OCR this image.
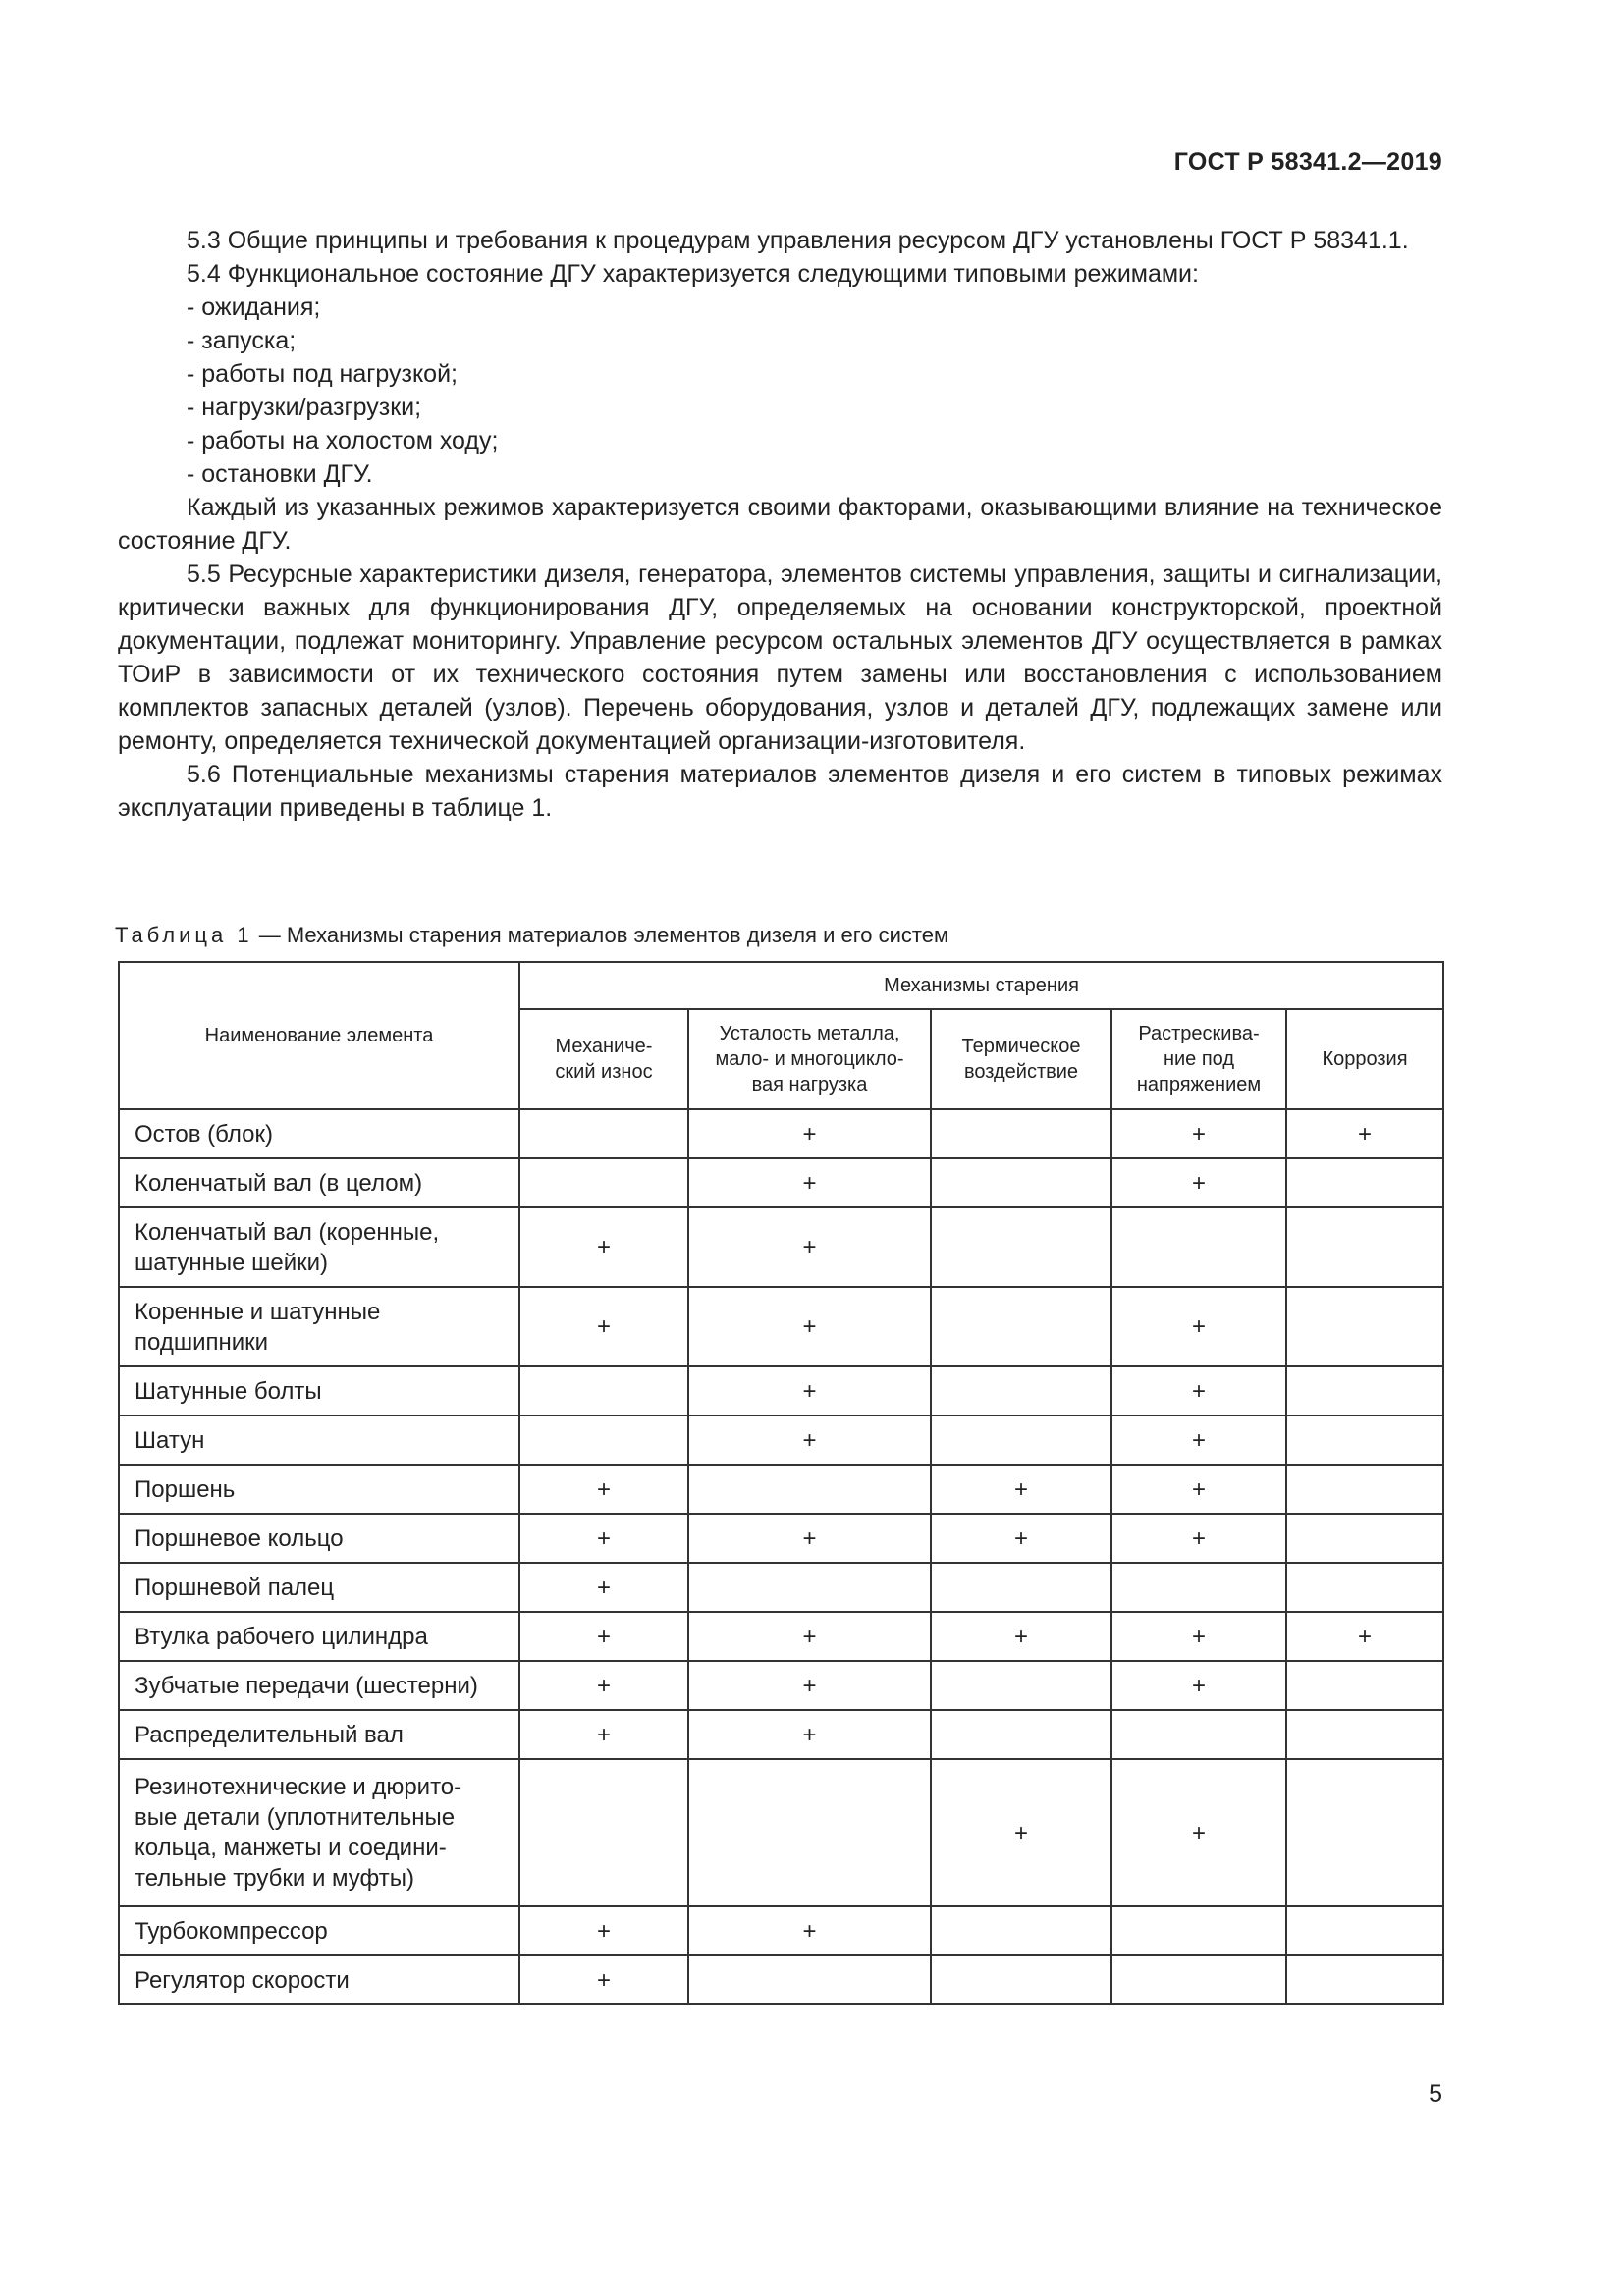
ГОСТ Р 58341.2—2019

5.3 Общие принципы и требования к процедурам управления ресурсом ДГУ установлены ГОСТ Р 58341.1.

5.4 Функциональное состояние ДГУ характеризуется следующими типовыми режимами:

- ожидания;

- запуска;

- работы под нагрузкой;

- нагрузки/разгрузки;

- работы на холостом ходу;

- остановки ДГУ.

Каждый из указанных режимов характеризуется своими факторами, оказывающими влияние на техническое состояние ДГУ.

5.5 Ресурсные характеристики дизеля, генератора, элементов системы управления, защиты и сигнализации, критически важных для функционирования ДГУ, определяемых на основании конструкторской, проектной документации, подлежат мониторингу. Управление ресурсом остальных элементов ДГУ осуществляется в рамках ТОиР в зависимости от их технического состояния путем замены или восстановления с использованием комплектов запасных деталей (узлов). Перечень оборудования, узлов и деталей ДГУ, подлежащих замене или ремонту, определяется технической документацией организации-изготовителя.

5.6 Потенциальные механизмы старения материалов элементов дизеля и его систем в типовых режимах эксплуатации приведены в таблице 1.

Таблица 1 — Механизмы старения материалов элементов дизеля и его систем
Наименование элемента	Механизмы старения				
	Механиче-
ский износ	Усталость металла,
мало- и многоцикло-
вая нагрузка	Термическое
воздействие	Растрескива-
ние под
напряжением	Коррозия
Остов (блок)		+		+	+
Коленчатый вал (в целом)		+		+	
Коленчатый вал (коренные,
шатунные шейки)	+	+			
Коренные и шатунные
подшипники	+	+		+	
Шатунные болты		+		+	
Шатун		+		+	
Поршень	+		+	+	
Поршневое кольцо	+	+	+	+	
Поршневой палец	+				
Втулка рабочего цилиндра	+	+	+	+	+
Зубчатые передачи (шестерни)	+	+		+	
Распределительный вал	+	+			
Резинотехнические и дюрито-
вые детали (уплотнительные
кольца, манжеты и соедини-
тельные трубки и муфты)			+	+	
Турбокомпрессор	+	+			
Регулятор скорости	+				
5
